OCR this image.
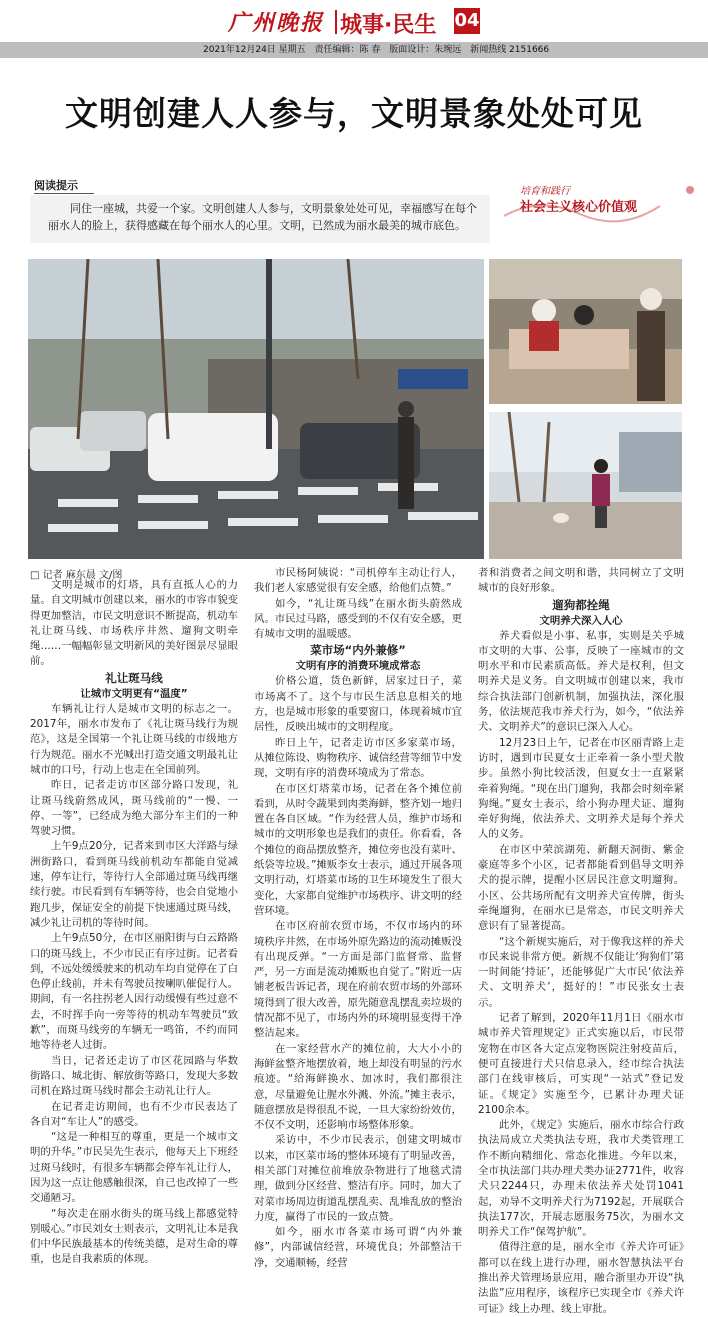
广州晚报 城事·民生 04
2021年12月24日 星期五 责任编辑：陈 春 版面设计：朱琬远 新闻热线 2151666
文明创建人人参与，文明景象处处可见
阅读提示
同住一座城，共爱一个家。文明创建人人参与，文明景象处处可见，幸福感写在每个丽水人的脸上，获得感藏在每个丽水人的心里。文明，已然成为丽水最美的城市底色。
培育和践行
社会主义核心价值观
□ 记者 麻东晨 文/图

文明是城市的灯塔，具有直抵人心的力量。自文明城市创建以来，丽水的市容市貌变得更加整洁，市民文明意识不断提高，机动车礼让斑马线、市场秩序井然、遛狗文明牵绳……一幅幅彰显文明新风的美好图景尽显眼前。

礼让斑马线

让城市文明更有“温度”

车辆礼让行人是城市文明的标志之一。2017年，丽水市发布了《礼让斑马线行为规范》，这是全国第一个礼让斑马线的市级地方行为规范。丽水不光喊出打造交通文明最礼让城市的口号，行动上也走在全国前列。

昨日，记者走访市区部分路口发现，礼让斑马线蔚然成风，斑马线前的“一慢、一停、一等”，已经成为绝大部分车主们的一种驾驶习惯。

上午9点20分，记者来到市区大洋路与绿洲街路口，看到斑马线前机动车都能自觉减速，停车让行，等待行人全部通过斑马线再继续行驶。市民看到有车辆等待，也会自觉地小跑几步，保证安全的前提下快速通过斑马线，减少礼让司机的等待时间。

上午9点50分，在市区丽阳街与白云路路口的斑马线上，不少市民正有序过街。记者看到，不远处缓缓驶来的机动车均自觉停在了白色停止线前，并未有驾驶员按喇叭催促行人。期间，有一名拄拐老人因行动缓慢有些过意不去，不时挥手向一旁等待的机动车驾驶员“致歉”，而斑马线旁的车辆无一鸣笛，不约而同地等待老人过街。

当日，记者还走访了市区花园路与华数街路口、城北街、解放街等路口，发现大多数司机在路过斑马线时都会主动礼让行人。

在记者走访期间，也有不少市民表达了各自对“车让人”的感受。

“这是一种相互的尊重，更是一个城市文明的升华。”市民吴先生表示，他每天上下班经过斑马线时，有很多车辆都会停车礼让行人，因为这一点让他感触很深，自己也改掉了一些交通陋习。

“每次走在丽水街头的斑马线上都感觉特别暖心。”市民刘女士则表示，文明礼让本是我们中华民族最基本的传统美德，是对生命的尊重，也是自我素质的体现。

市民杨阿姨说：“司机停车主动让行人，我们老人家感觉很有安全感，给他们点赞。”

如今，“礼让斑马线”在丽水街头蔚然成风。市民过马路，感受到的不仅有安全感，更有城市文明的温暖感。

菜市场“内外兼修”

文明有序的消费环境成常态

价格公道，货色新鲜，居家过日子，菜市场离不了。这个与市民生活息息相关的地方，也是城市形象的重要窗口，体现着城市宜居性，反映出城市的文明程度。

昨日上午，记者走访市区多家菜市场，从摊位陈设、购物秩序、诚信经营等细节中发现，文明有序的消费环境成为了常态。

在市区灯塔菜市场，记者在各个摊位前看到，从时令蔬果到肉类海鲜，整齐划一地归置在各自区域。“作为经营人员，维护市场和城市的文明形象也是我们的责任。你看看，各个摊位的商品摆放整齐，摊位旁也没有菜叶、纸袋等垃圾。”摊贩李女士表示，通过开展各项文明行动，灯塔菜市场的卫生环境发生了很大变化，大家都自觉维护市场秩序、讲文明的经营环境。

在市区府前农贸市场，不仅市场内的环境秩序井然，在市场外原先路边的流动摊贩没有出现反弹。“一方面是部门监督常、监督严，另一方面是流动摊贩也自觉了。”附近一店铺老板告诉记者，现在府前农贸市场的外部环境得到了很大改善，原先随意乱摆乱卖垃圾的情况都不见了，市场内外的环境明显变得干净整洁起来。

在一家经营水产的摊位前，大大小小的海鲜盆整齐地摆放着，地上却没有明显的污水痕迹。“给海鲜换水、加冰时，我们都很注意，尽量避免让腥水外溅、外流。”摊主表示，随意摆放是得很乱不说，一旦大家纷纷效仿，不仅不文明，还影响市场整体形象。

采访中，不少市民表示，创建文明城市以来，市区菜市场的整体环境有了明显改善，相关部门对摊位前堆放杂物进行了地毯式清理，做到分区经营、整洁有序。同时，加大了对菜市场周边街道乱摆乱卖、乱堆乱放的整治力度，赢得了市民的一致点赞。

如今，丽水市各菜市场可谓“内外兼修”，内部诚信经营，环境优良；外部整洁干净，交通顺畅，经营

者和消费者之间文明和谐，共同树立了文明城市的良好形象。

遛狗都拴绳

文明养犬深入人心

养犬看似是小事、私事，实则是关乎城市文明的大事、公事，反映了一座城市的文明水平和市民素质高低。养犬是权利，但文明养犬是义务。自文明城市创建以来，我市综合执法部门创新机制，加强执法，深化服务，依法规范我市养犬行为，如今，“依法养犬、文明养犬”的意识已深入人心。

12月23日上午，记者在市区丽青路上走访时，遇到市民夏女士正牵着一条小型犬散步。虽然小狗比较活泼，但夏女士一直紧紧牵着狗绳。“现在出门遛狗，我都会时刻牵紧狗绳。”夏女士表示，给小狗办理犬证、遛狗牵好狗绳，依法养犬、文明养犬是每个养犬人的义务。

在市区中荣滨湖苑、新翻天洞街、紫金豪庭等多个小区，记者都能看到倡导文明养犬的提示牌，提醒小区居民注意文明遛狗。小区、公共场所配有文明养犬宣传牌，街头牵绳遛狗，在丽水已是常态，市民文明养犬意识有了显著提高。

“这个新规实施后，对于像我这样的养犬市民来说非常方便。新规不仅能让‘狗狗们’第一时间能‘持证’，还能够促广大市民‘依法养犬、文明养犬’，挺好的！”市民张女士表示。

记者了解到，2020年11月1日《丽水市城市养犬管理规定》正式实施以后，市民带宠物在市区各大定点宠物医院注射疫苗后，便可直接进行犬只信息录入，经市综合执法部门在线审核后，可实现“一站式”登记发证。《规定》实施至今，已累计办理犬证2100余本。

此外，《规定》实施后，丽水市综合行政执法局成立犬类执法专班，我市犬类管理工作不断向精细化、常态化推进。今年以来，全市执法部门共办理犬类办证2771件，收容犬只2244只，办理未依法养犬处罚1041起，劝导不文明养犬行为7192起，开展联合执法177次，开展志愿服务75次，为丽水文明养犬工作“保驾护航”。

值得注意的是，丽水全市《养犬许可证》都可以在线上进行办理，丽水智慧执法平台推出养犬管理场景应用，融合浙里办开设“执法监”应用程序，该程序已实现全市《养犬许可证》线上办理、线上审批。
